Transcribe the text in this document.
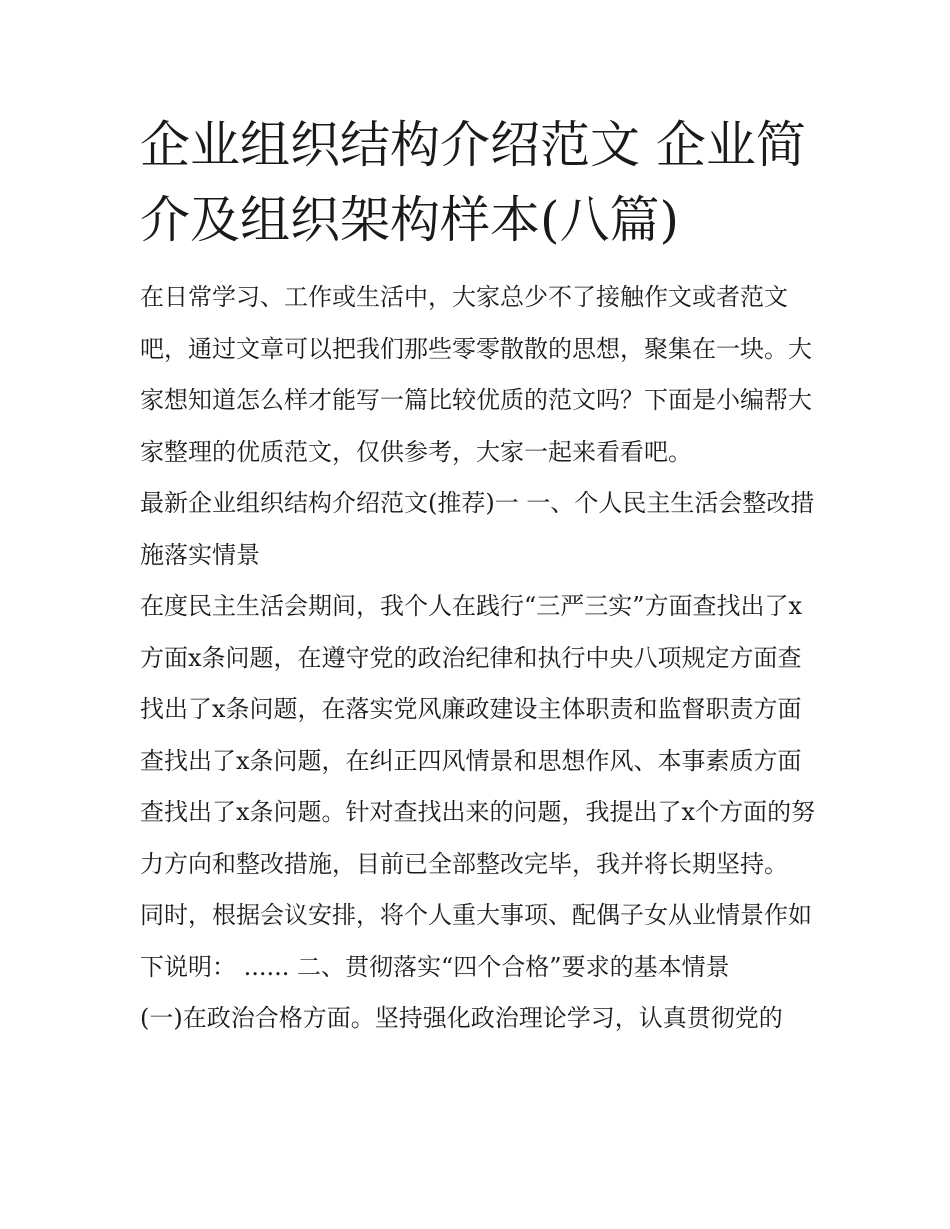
企业组织结构介绍范文 企业简
介及组织架构样本(八篇)

在日常学习、工作或生活中，大家总少不了接触作文或者范文吧，通过文章可以把我们那些零零散散的思想，聚集在一块。大家想知道怎么样才能写一篇比较优质的范文吗？下面是小编帮大家整理的优质范文，仅供参考，大家一起来看看吧。

最新企业组织结构介绍范文(推荐)一 一、个人民主生活会整改措施落实情景

在度民主生活会期间，我个人在践行“三严三实”方面查找出了x方面x条问题，在遵守党的政治纪律和执行中央八项规定方面查找出了x条问题，在落实党风廉政建设主体职责和监督职责方面查找出了x条问题，在纠正四风情景和思想作风、本事素质方面查找出了x条问题。针对查找出来的问题，我提出了x个方面的努力方向和整改措施，目前已全部整改完毕，我并将长期坚持。

同时，根据会议安排，将个人重大事项、配偶子女从业情景作如下说明： ...... 二、贯彻落实“四个合格”要求的基本情景

(一)在政治合格方面。坚持强化政治理论学习，认真贯彻党的
